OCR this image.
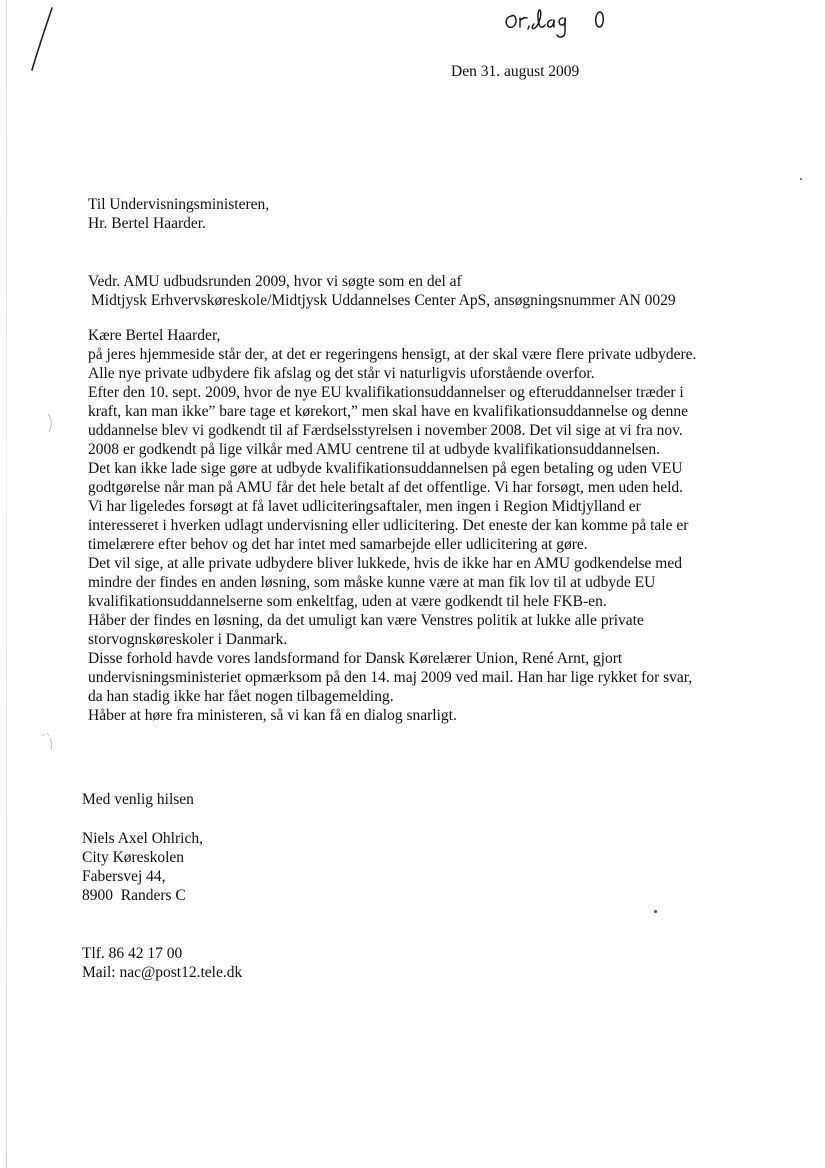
Den 31. august 2009
Til Undervisningsministeren,
Hr. Bertel Haarder.
Vedr. AMU udbudsrunden 2009, hvor vi søgte som en del af
Midtjysk Erhvervskøreskole/Midtjysk Uddannelses Center ApS, ansøgningsnummer AN 0029
Kære Bertel Haarder,
på jeres hjemmeside står der, at det er regeringens hensigt, at der skal være flere private udbydere.
Alle nye private udbydere fik afslag og det står vi naturligvis uforstående overfor.
Efter den 10. sept. 2009, hvor de nye EU kvalifikationsuddannelser og efteruddannelser træder i
kraft, kan man ikke” bare tage et kørekort,” men skal have en kvalifikationsuddannelse og denne
uddannelse blev vi godkendt til af Færdselsstyrelsen i november 2008. Det vil sige at vi fra nov.
2008 er godkendt på lige vilkår med AMU centrene til at udbyde kvalifikationsuddannelsen.
Det kan ikke lade sige gøre at udbyde kvalifikationsuddannelsen på egen betaling og uden VEU
godtgørelse når man på AMU får det hele betalt af det offentlige. Vi har forsøgt, men uden held.
Vi har ligeledes forsøgt at få lavet udliciteringsaftaler, men ingen i Region Midtjylland er
interesseret i hverken udlagt undervisning eller udlicitering. Det eneste der kan komme på tale er
timelærere efter behov og det har intet med samarbejde eller udlicitering at gøre.
Det vil sige, at alle private udbydere bliver lukkede, hvis de ikke har en AMU godkendelse med
mindre der findes en anden løsning, som måske kunne være at man fik lov til at udbyde EU
kvalifikationsuddannelserne som enkeltfag, uden at være godkendt til hele FKB-en.
Håber der findes en løsning, da det umuligt kan være Venstres politik at lukke alle private
storvognskøreskoler i Danmark.
Disse forhold havde vores landsformand for Dansk Kørelærer Union, René Arnt, gjort
undervisningsministeriet opmærksom på den 14. maj 2009 ved mail. Han har lige rykket for svar,
da han stadig ikke har fået nogen tilbagemelding.
Håber at høre fra ministeren, så vi kan få en dialog snarligt.
Med venlig hilsen
Niels Axel Ohlrich,
City Køreskolen
Fabersvej 44,
8900  Randers C
Tlf. 86 42 17 00
Mail: nac@post12.tele.dk
